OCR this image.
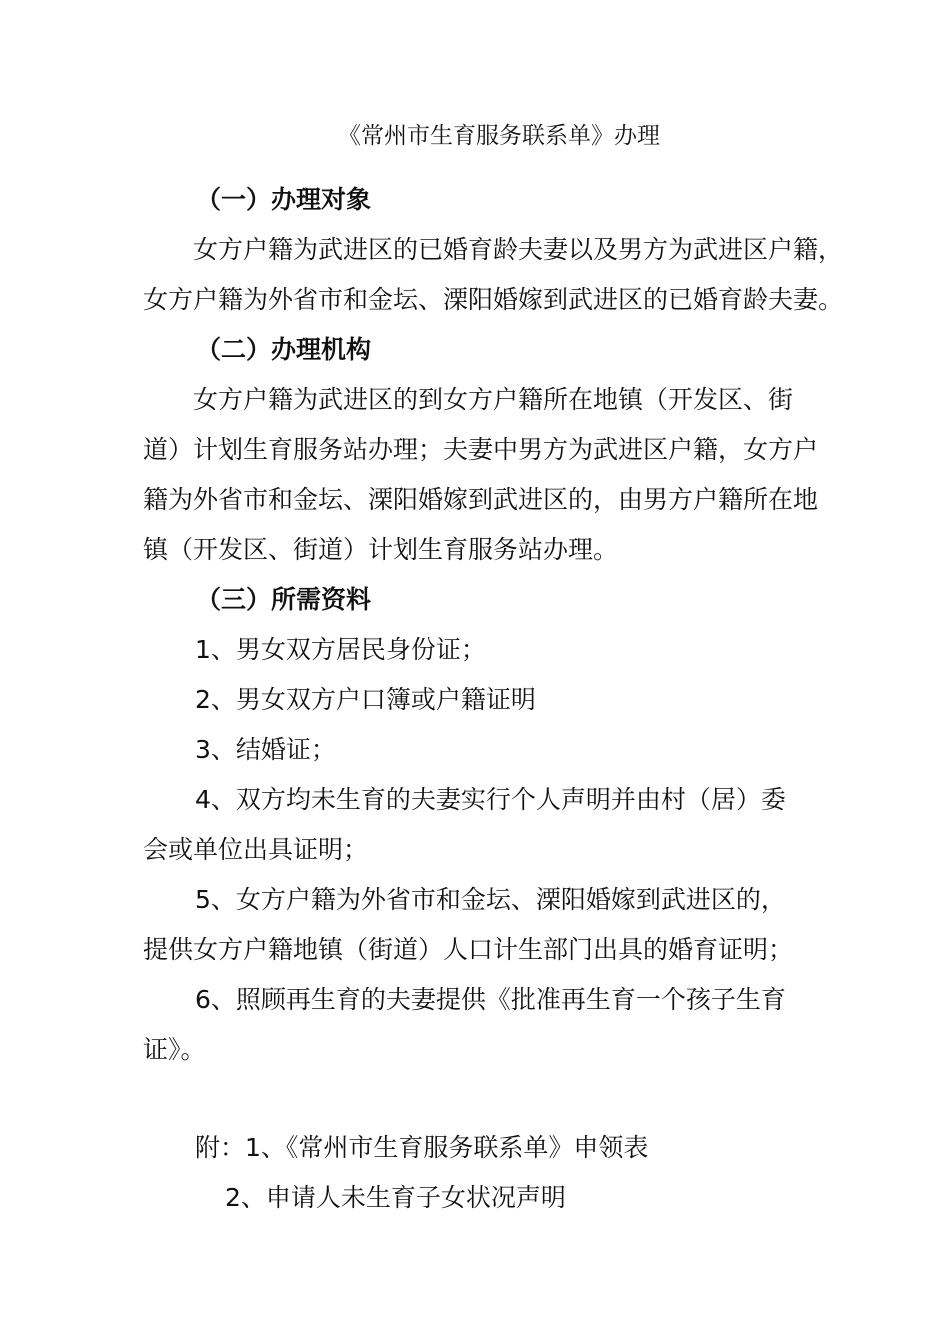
《常州市生育服务联系单》办理

（一）办理对象

女方户籍为武进区的已婚育龄夫妻以及男方为武进区户籍，

女方户籍为外省市和金坛、溧阳婚嫁到武进区的已婚育龄夫妻。

（二）办理机构

女方户籍为武进区的到女方户籍所在地镇（开发区、街

道）计划生育服务站办理；夫妻中男方为武进区户籍，女方户

籍为外省市和金坛、溧阳婚嫁到武进区的，由男方户籍所在地

镇（开发区、街道）计划生育服务站办理。

（三）所需资料

1、男女双方居民身份证；

2、男女双方户口簿或户籍证明

3、结婚证；

4、双方均未生育的夫妻实行个人声明并由村（居）委

会或单位出具证明；

5、女方户籍为外省市和金坛、溧阳婚嫁到武进区的，

提供女方户籍地镇（街道）人口计生部门出具的婚育证明；

6、照顾再生育的夫妻提供《批准再生育一个孩子生育

证》。

附：1、《常州市生育服务联系单》申领表

2、申请人未生育子女状况声明
